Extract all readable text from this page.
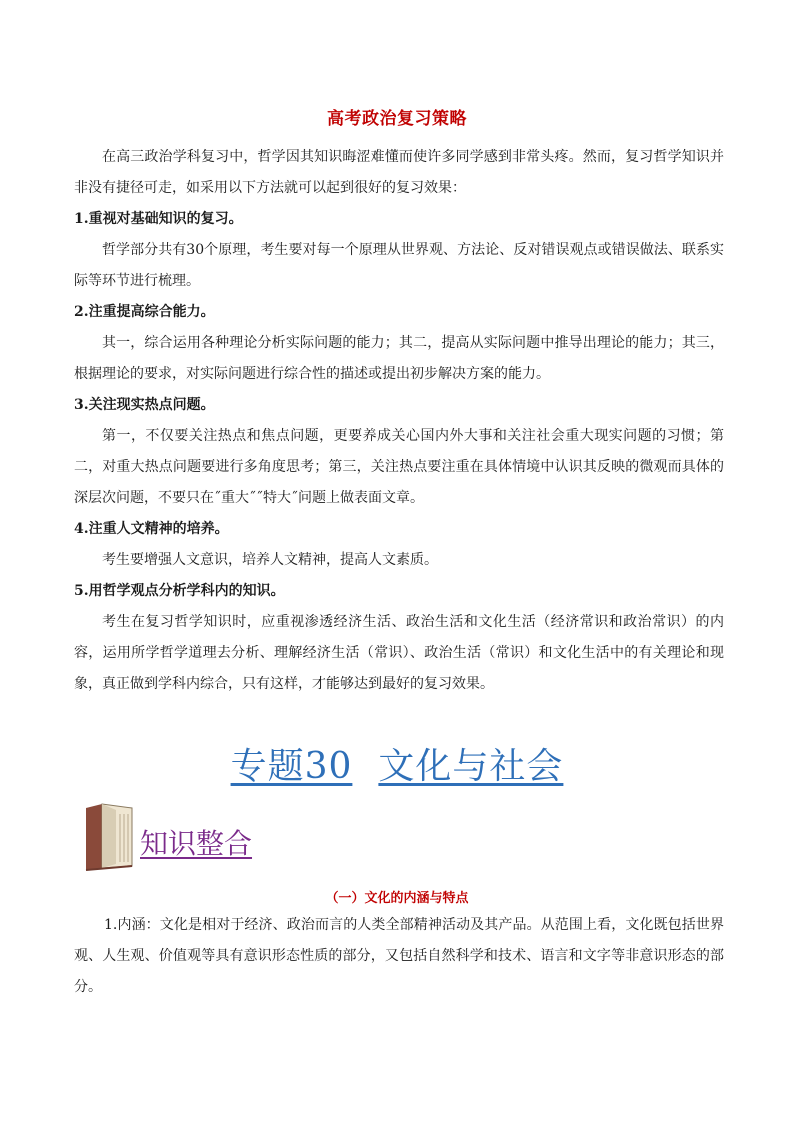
高考政治复习策略

在高三政治学科复习中，哲学因其知识晦涩难懂而使许多同学感到非常头疼。然而，复习哲学知识并非没有捷径可走，如采用以下方法就可以起到很好的复习效果：

1.重视对基础知识的复习。

哲学部分共有30个原理，考生要对每一个原理从世界观、方法论、反对错误观点或错误做法、联系实际等环节进行梳理。

2.注重提高综合能力。

其一，综合运用各种理论分析实际问题的能力；其二，提高从实际问题中推导出理论的能力；其三，根据理论的要求，对实际问题进行综合性的描述或提出初步解决方案的能力。

3.关注现实热点问题。

第一，不仅要关注热点和焦点问题，更要养成关心国内外大事和关注社会重大现实问题的习惯；第二，对重大热点问题要进行多角度思考；第三，关注热点要注重在具体情境中认识其反映的微观而具体的深层次问题，不要只在˝重大˝˝特大˝问题上做表面文章。

4.注重人文精神的培养。

考生要增强人文意识，培养人文精神，提高人文素质。

5.用哲学观点分析学科内的知识。

考生在复习哲学知识时，应重视渗透经济生活、政治生活和文化生活（经济常识和政治常识）的内容，运用所学哲学道理去分析、理解经济生活（常识）、政治生活（常识）和文化生活中的有关理论和现象，真正做到学科内综合，只有这样，才能够达到最好的复习效果。

专题30 文化与社会
知识整合
（一）文化的内涵与特点

1.内涵：文化是相对于经济、政治而言的人类全部精神活动及其产品。从范围上看，文化既包括世界观、人生观、价值观等具有意识形态性质的部分，又包括自然科学和技术、语言和文字等非意识形态的部分。
